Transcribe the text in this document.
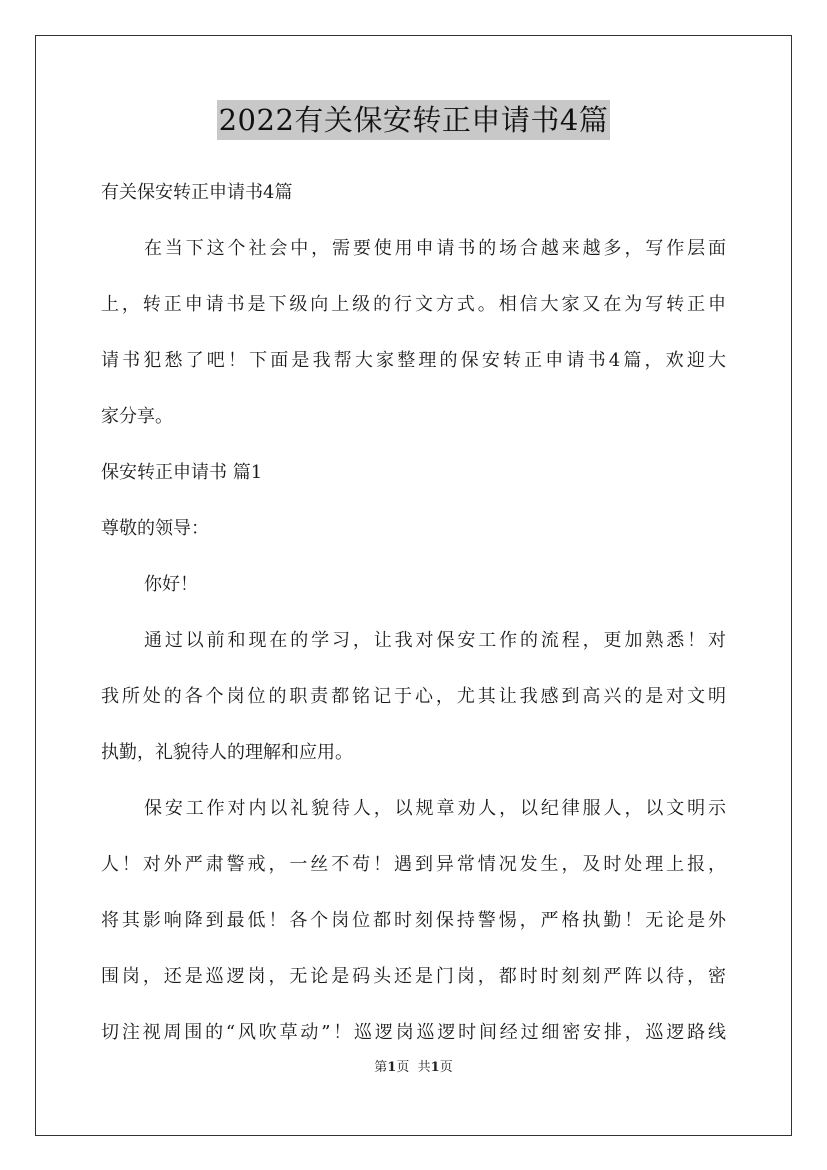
2022有关保安转正申请书4篇

有关保安转正申请书4篇

在当下这个社会中，需要使用申请书的场合越来越多，写作层面

上，转正申请书是下级向上级的行文方式。相信大家又在为写转正申

请书犯愁了吧！下面是我帮大家整理的保安转正申请书4篇，欢迎大

家分享。

保安转正申请书 篇1

尊敬的领导：

你好！

通过以前和现在的学习，让我对保安工作的流程，更加熟悉！对

我所处的各个岗位的职责都铭记于心，尤其让我感到高兴的是对文明

执勤，礼貌待人的理解和应用。

保安工作对内以礼貌待人，以规章劝人，以纪律服人，以文明示

人！对外严肃警戒，一丝不苟！遇到异常情况发生，及时处理上报，

将其影响降到最低！各个岗位都时刻保持警惕，严格执勤！无论是外

围岗，还是巡逻岗，无论是码头还是门岗，都时时刻刻严阵以待，密

切注视周围的“风吹草动”！巡逻岗巡逻时间经过细密安排，巡逻路线

第1页 共1页
